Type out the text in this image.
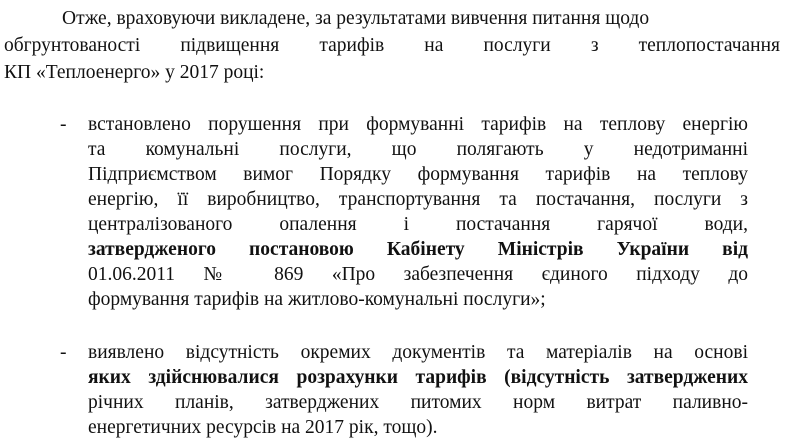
Отже, враховуючи викладене, за результатами вивчення питання щодо
обгрунтованості підвищення тарифів на послуги з теплопостачання
КП «Теплоенерго» у 2017 році:
- встановлено порушення при формуванні тарифів на теплову енергію
та комунальні послуги, що полягають у недотриманні
Підприємством вимог Порядку формування тарифів на теплову
енергію, її виробництво, транспортування та постачання, послуги з
централізованого опалення і постачання гарячої води,
затвердженого постановою Кабінету Міністрів України від
01.06.2011 № 869 «Про забезпечення єдиного підходу до
формування тарифів на житлово-комунальні послуги»;
- виявлено відсутність окремих документів та матеріалів на основі
яких здійснювалися розрахунки тарифів (відсутність затверджених
річних планів, затверджених питомих норм витрат паливно-
енергетичних ресурсів на 2017 рік, тощо).
